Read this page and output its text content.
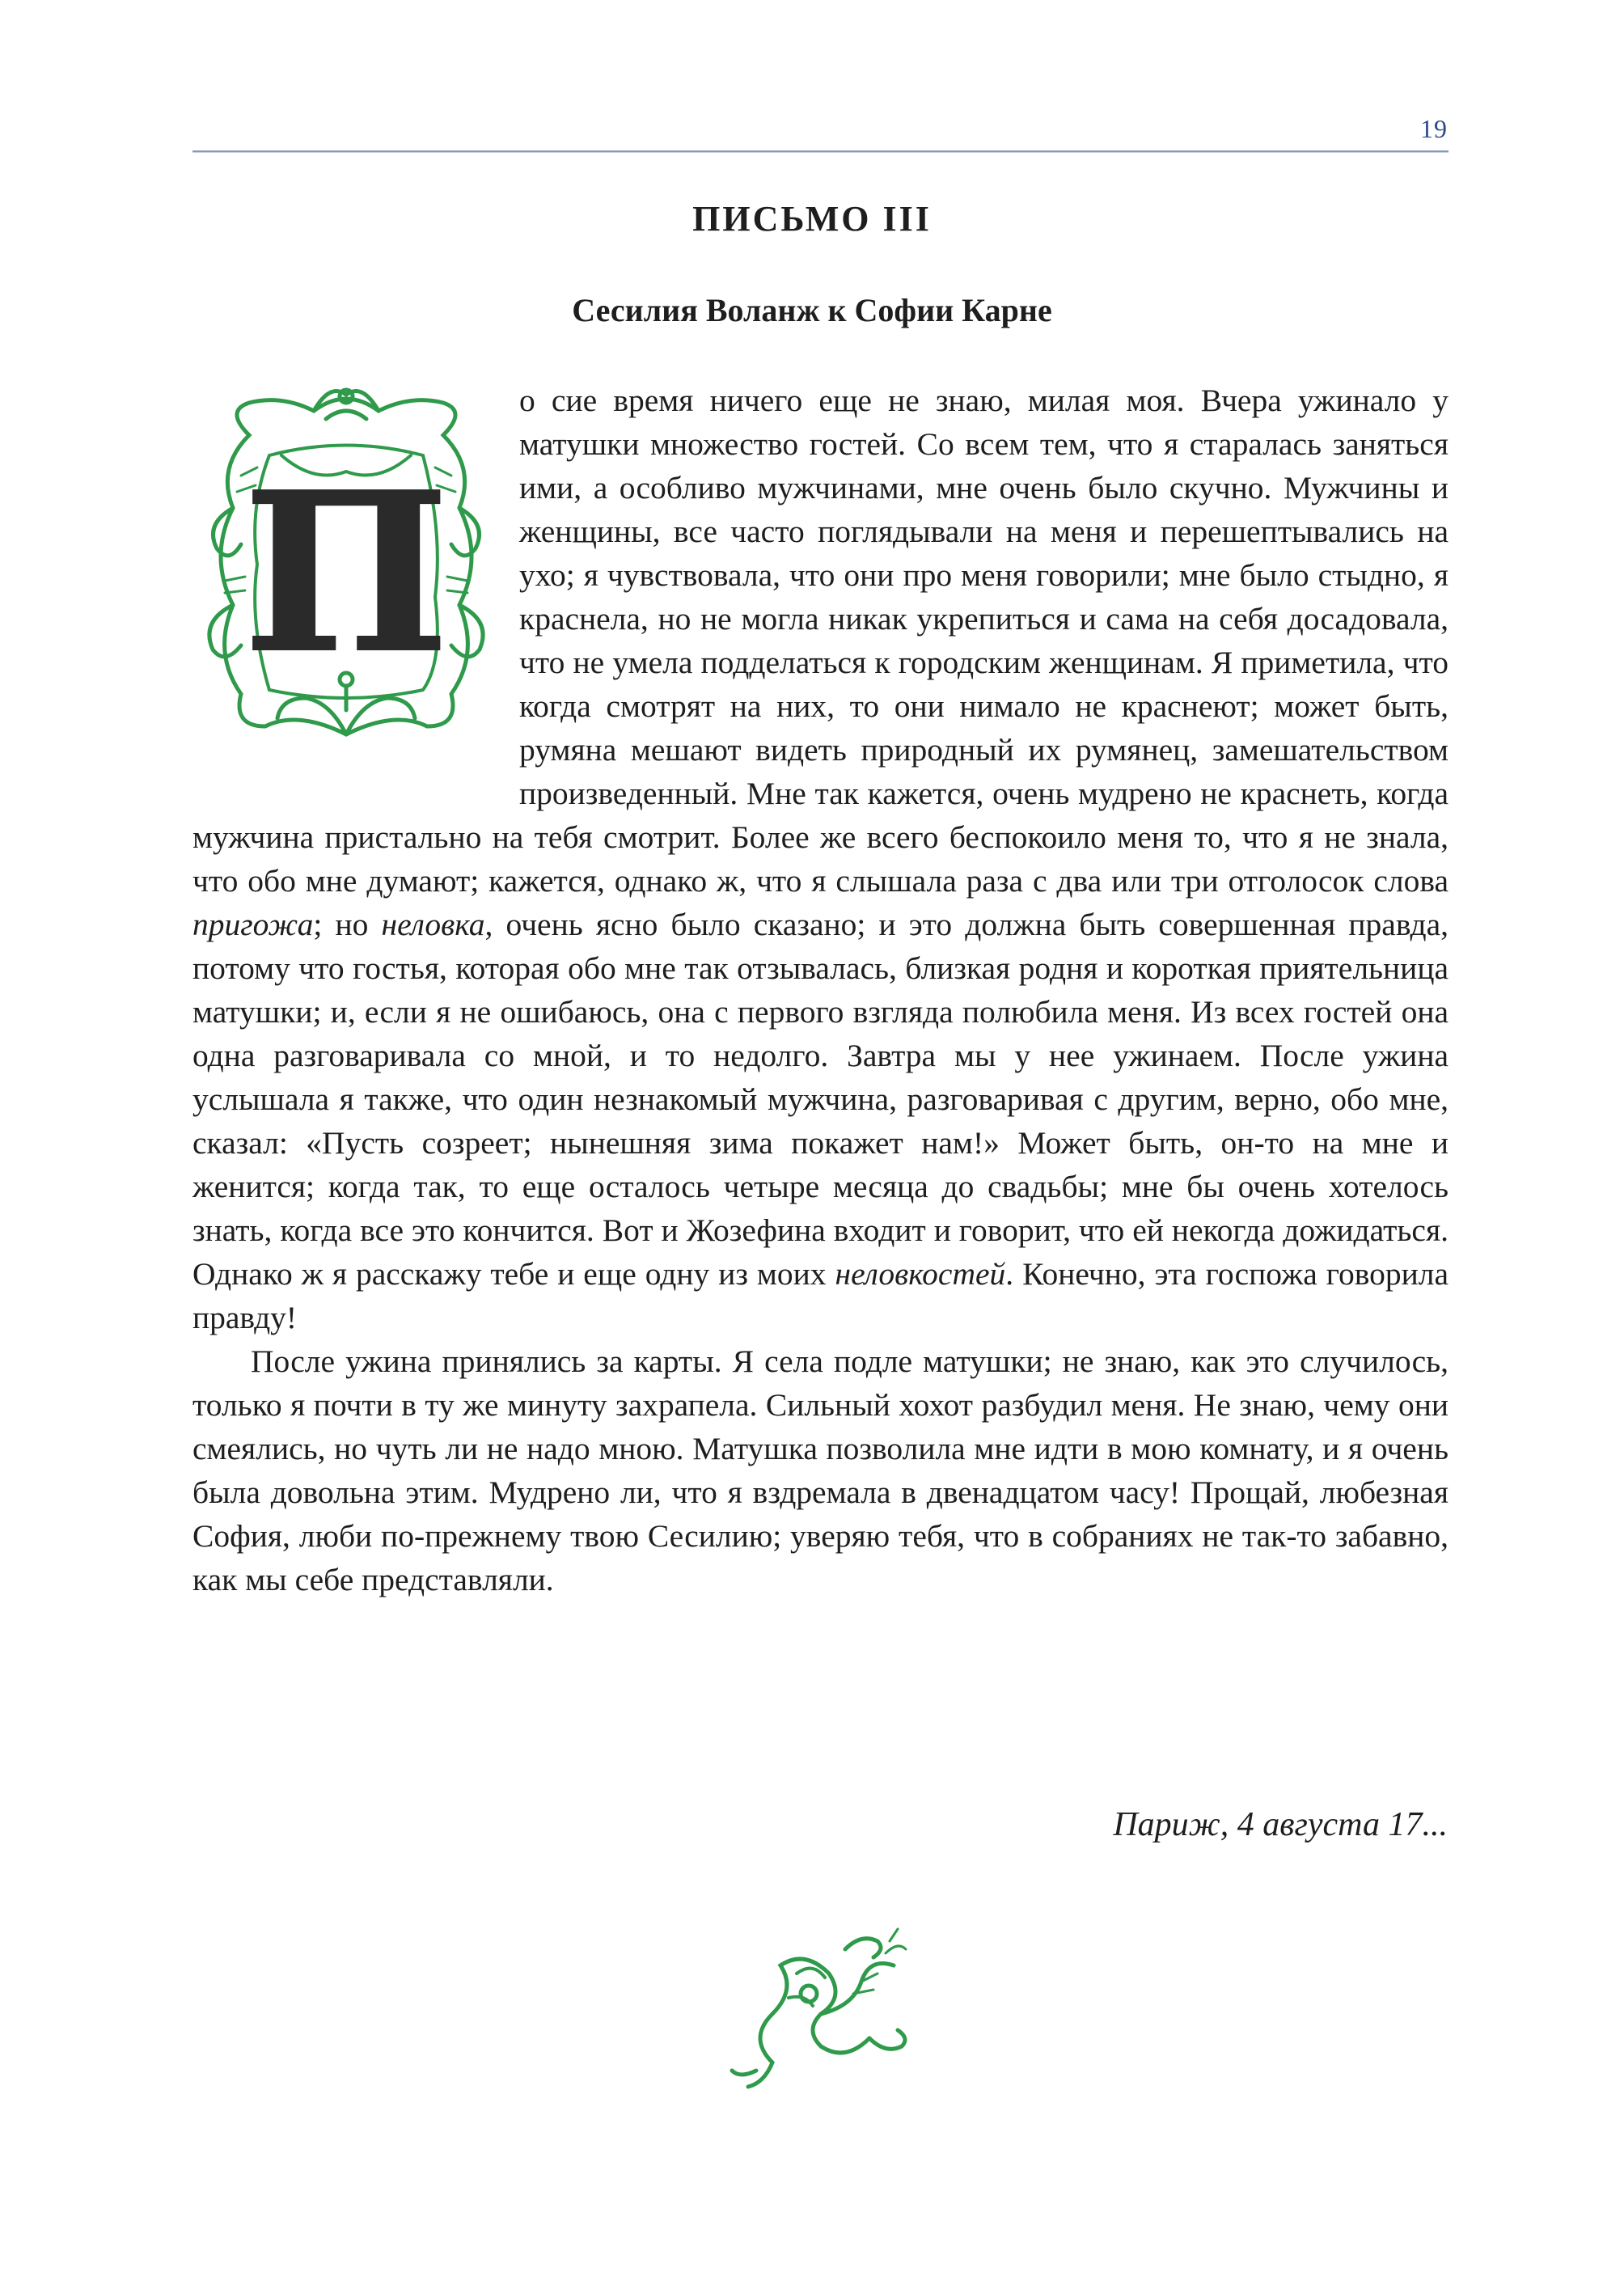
19
ПИСЬМО III
Сесилия Воланж к Софии Карне
П

о сие время ничего еще не знаю, милая моя. Вчера ужинало у матушки множество гостей. Со всем тем, что я старалась заняться ими, а особливо мужчинами, мне очень было скучно. Мужчины и женщины, все часто поглядывали на меня и перешептывались на ухо; я чувствовала, что они про меня говорили; мне было стыдно, я краснела, но не могла никак укрепиться и сама на себя досадовала, что не умела подделаться к городским женщинам. Я приметила, что когда смотрят на них, то они нимало не краснеют; может быть, румяна мешают видеть природный их румянец, замешательством произведенный. Мне так кажется, очень мудрено не краснеть, когда мужчина пристально на тебя смотрит. Более же всего беспокоило меня то, что я не знала, что обо мне думают; кажется, однако ж, что я слышала раза с два или три отголосок слова пригожа; но неловка, очень ясно было сказано; и это должна быть совершенная правда, потому что гостья, которая обо мне так отзывалась, близкая родня и короткая приятельница матушки; и, если я не ошибаюсь, она с первого взгляда полюбила меня. Из всех гостей она одна разговаривала со мной, и то недолго. Завтра мы у нее ужинаем. После ужина услышала я также, что один незнакомый мужчина, разговаривая с другим, верно, обо мне, сказал: «Пусть созреет; нынешняя зима покажет нам!» Может быть, он-то на мне и женится; когда так, то еще осталось четыре месяца до свадьбы; мне бы очень хотелось знать, когда все это кончится. Вот и Жозефина входит и говорит, что ей некогда дожидаться. Однако ж я расскажу тебе и еще одну из моих неловкостей. Конечно, эта госпожа говорила правду!

После ужина принялись за карты. Я села подле матушки; не знаю, как это случилось, только я почти в ту же минуту захрапела. Сильный хохот разбудил меня. Не знаю, чему они смеялись, но чуть ли не надо мною. Матушка позволила мне идти в мою комнату, и я очень была довольна этим. Мудрено ли, что я вздремала в двенадцатом часу! Прощай, любезная София, люби по-прежнему твою Сесилию; уверяю тебя, что в собраниях не так-то забавно, как мы себе представляли.

Париж, 4 августа 17...
